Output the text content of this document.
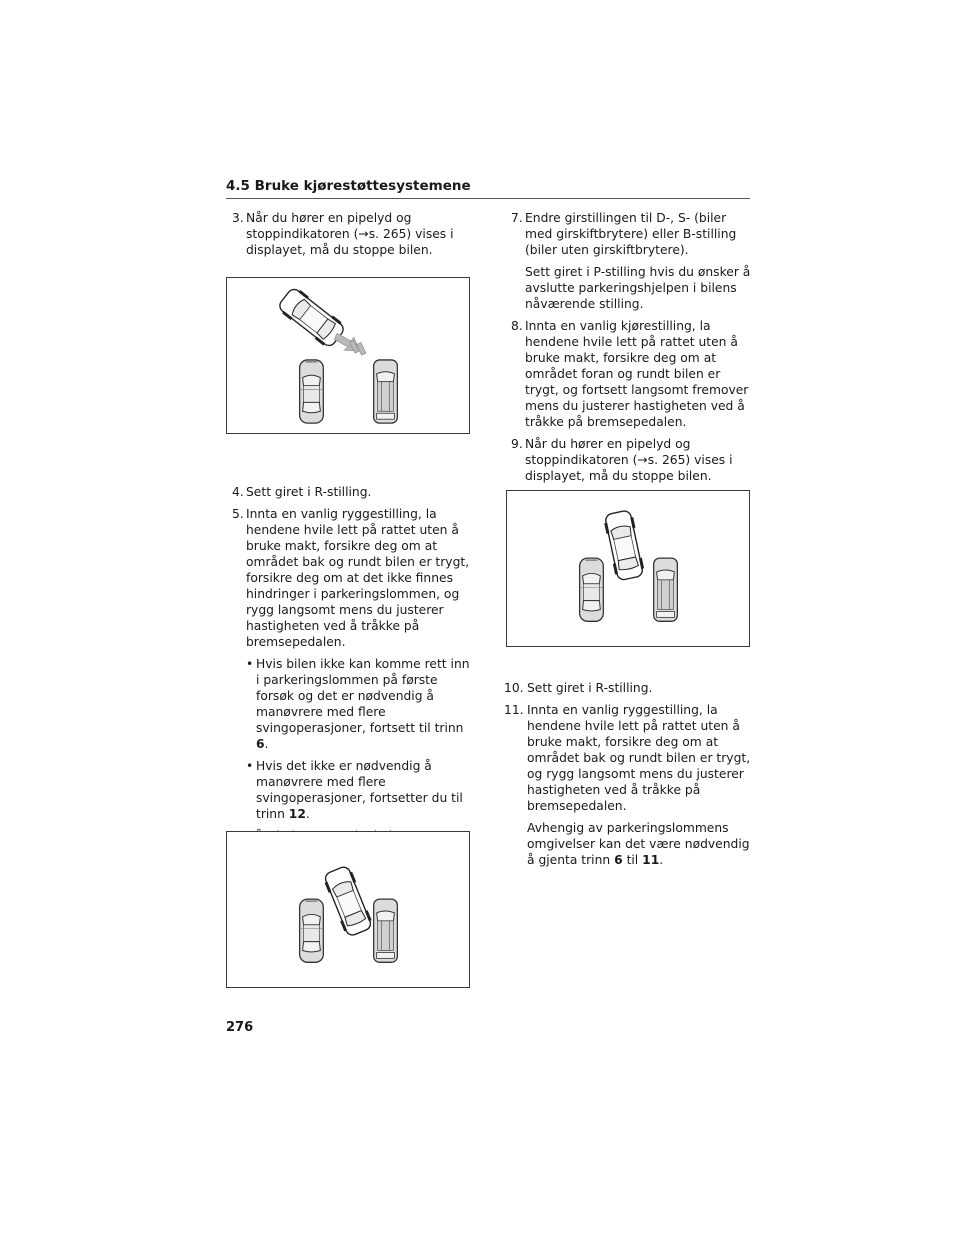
4.5 Bruke kjørestøttesystemene
3. Når du hører en pipelyd og stoppindikatoren (→s. 265) vises i displayet, må du stoppe bilen.

4. Sett giret i R-stilling.

5. Innta en vanlig ryggestilling, la hendene hvile lett på rattet uten å bruke makt, forsikre deg om at området bak og rundt bilen er trygt, forsikre deg om at det ikke finnes hindringer i parkeringslommen, og rygg langsomt mens du justerer hastigheten ved å tråkke på bremsepedalen.

• Hvis bilen ikke kan komme rett inn i parkeringslommen på første forsøk og det er nødvendig å manøvrere med flere svingoperasjoner, fortsett til trinn 6.
• Hvis det ikke er nødvendig å manøvrere med flere svingoperasjoner, fortsetter du til trinn 12.

7. Endre girstillingen til D-, S- (biler med girskiftbrytere) eller B-stilling (biler uten girskiftbrytere).

Sett giret i P-stilling hvis du ønsker å avslutte parkeringshjelpen i bilens nåværende stilling.

8. Innta en vanlig kjørestilling, la hendene hvile lett på rattet uten å bruke makt, forsikre deg om at området foran og rundt bilen er trygt, og fortsett langsomt fremover mens du justerer hastigheten ved å tråkke på bremsepedalen.

9. Når du hører en pipelyd og stoppindikatoren (→s. 265) vises i displayet, må du stoppe bilen.

10. Sett giret i R-stilling.

11. Innta en vanlig ryggestilling, la hendene hvile lett på rattet uten å bruke makt, forsikre deg om at området bak og rundt bilen er trygt, og rygg langsomt mens du justerer hastigheten ved å tråkke på bremsepedalen.

Avhengig av parkeringslommens omgivelser kan det være nødvendig å gjenta trinn 6 til 11.

276
